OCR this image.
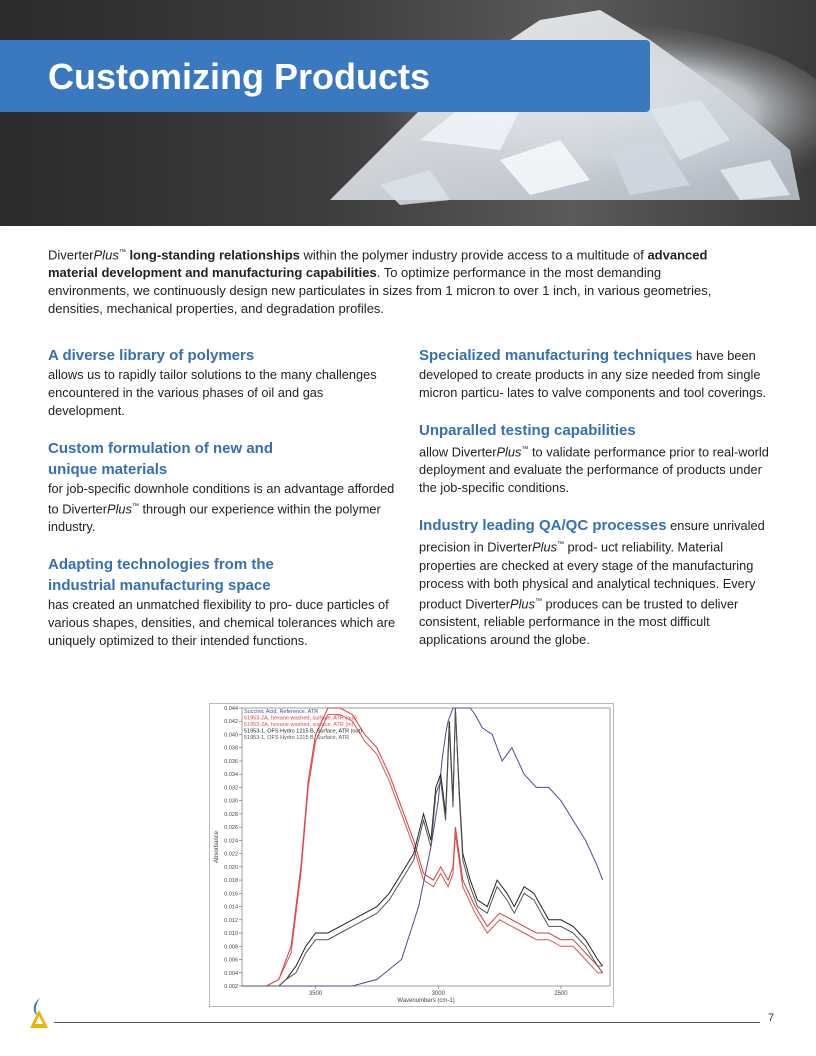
Customizing Products
DiverterPlus™ long-standing relationships within the polymer industry provide access to a multitude of advanced material development and manufacturing capabilities. To optimize performance in the most demanding environments, we continuously design new particulates in sizes from 1 micron to over 1 inch, in various geometries, densities, mechanical properties, and degradation profiles.
A diverse library of polymers
allows us to rapidly tailor solutions to the many challenges encountered in the various phases of oil and gas development.
Custom formulation of new and unique materials
for job-specific downhole conditions is an advantage afforded to DiverterPlus™ through our experience within the polymer industry.
Adapting technologies from the industrial manufacturing space
has created an unmatched flexibility to pro- duce particles of various shapes, densities, and chemical tolerances which are uniquely optimized to their intended functions.
Specialized manufacturing techniques have been developed to create products in any size needed from single micron particu- lates to valve components and tool coverings.
Unparalled testing capabilities
allow DiverterPlus™ to validate performance prior to real-world deployment and evaluate the performance of products under the job-specific conditions.
Industry leading QA/QC processes ensure unrivaled precision in DiverterPlus™ prod- uct reliability. Material properties are checked at every stage of the manufacturing process with both physical and analytical techniques. Every product DiverterPlus™ produces can be trusted to deliver consistent, reliable performance in the most difficult applications around the globe.
0.002
0.004
0.006
0.008
0.010
0.012
0.014
0.016
0.018
0.020
0.022
0.024
0.026
0.028
0.030
0.032
0.034
0.036
0.038
0.040
0.042
0.044
3500	3000	2500
Wavenumbers (cm-1)
Absorbance
Succinic Acid, Reference, ATR
51953-2A, hexane washed, surface, ATR (out)
51953-2A, hexane washed, surface, ATR (in)
51953-1, OFS Hydro 1215 B, Surface, ATR (out)
51953-1, OFS Hydro 1215 B, Surface, ATR
7
